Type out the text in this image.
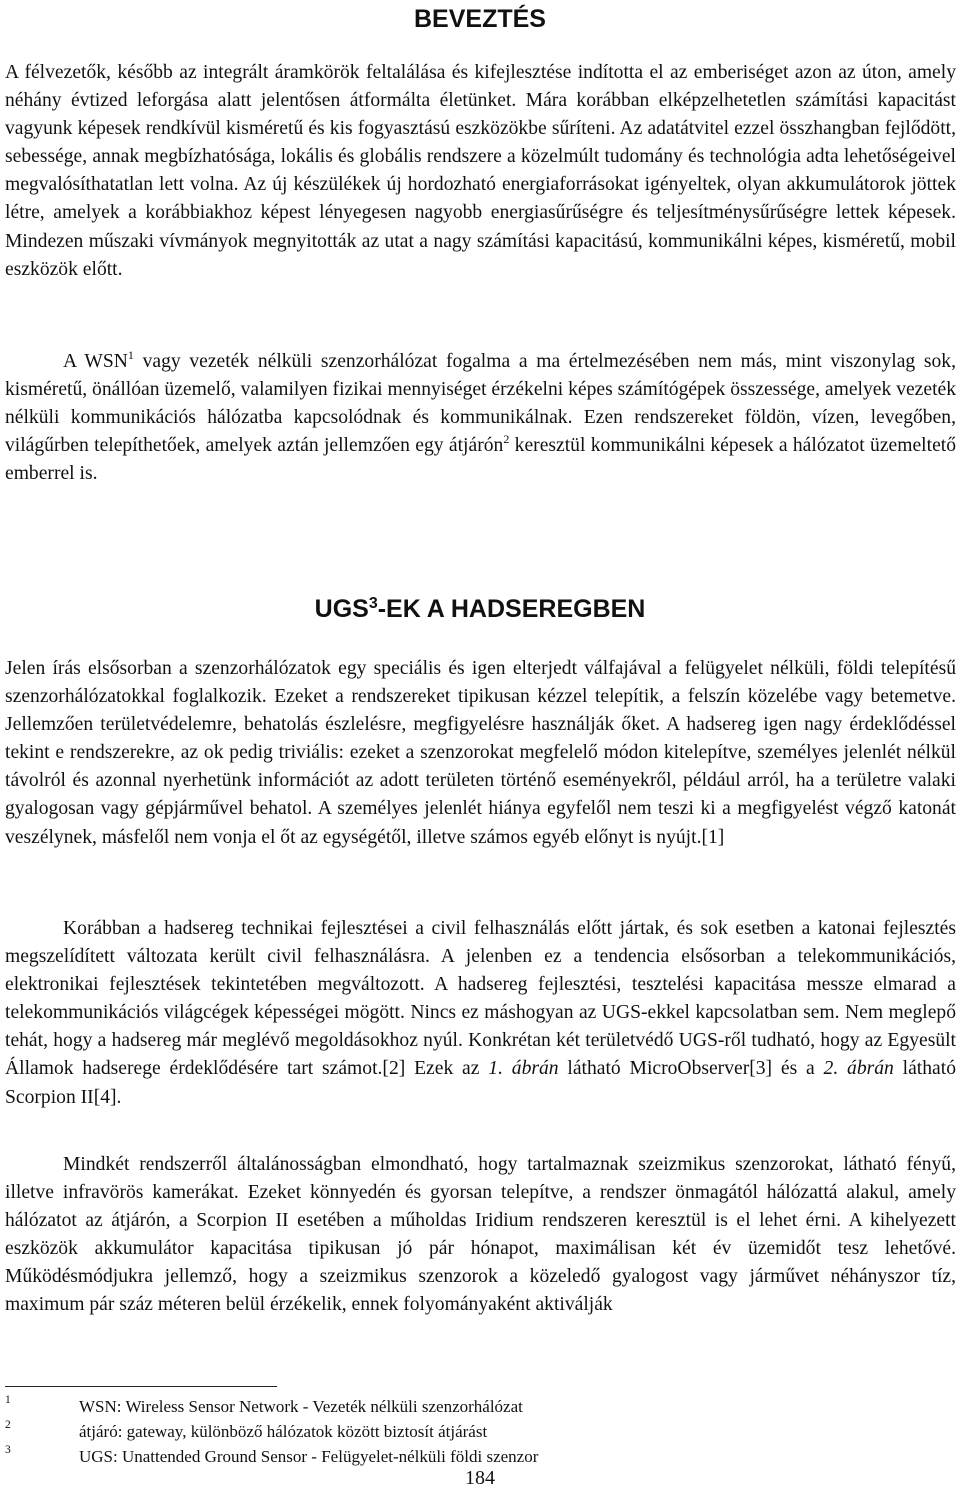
BEVEZTÉS

A félvezetők, később az integrált áramkörök feltalálása és kifejlesztése indította el az emberiséget azon az úton, amely néhány évtized leforgása alatt jelentősen átformálta életünket. Mára korábban elképzelhetetlen számítási kapacitást vagyunk képesek rendkívül kisméretű és kis fogyasztású eszközökbe sűríteni. Az adatátvitel ezzel összhangban fejlődött, sebessége, annak megbízhatósága, lokális és globális rendszere a közelmúlt tudomány és technológia adta lehetőségeivel megvalósíthatatlan lett volna. Az új készülékek új hordozható energiaforrásokat igényeltek, olyan akkumulátorok jöttek létre, amelyek a korábbiakhoz képest lényegesen nagyobb energiasűrűségre és teljesítménysűrűségre lettek képesek. Mindezen műszaki vívmányok megnyitották az utat a nagy számítási kapacitású, kommunikálni képes, kisméretű, mobil eszközök előtt.

A WSN$^1$ vagy vezeték nélküli szenzorhálózat fogalma a ma értelmezésében nem más, mint viszonylag sok, kisméretű, önállóan üzemelő, valamilyen fizikai mennyiséget érzékelni képes számítógépek összessége, amelyek vezeték nélküli kommunikációs hálózatba kapcsolódnak és kommunikálnak. Ezen rendszereket földön, vízen, levegőben, világűrben telepíthetőek, amelyek aztán jellemzően egy átjárón$^2$ keresztül kommunikálni képesek a hálózatot üzemeltető emberrel is.

UGS$^3$-EK A HADSEREGBEN

Jelen írás elsősorban a szenzorhálózatok egy speciális és igen elterjedt válfajával a felügyelet nélküli, földi telepítésű szenzorhálózatokkal foglalkozik. Ezeket a rendszereket tipikusan kézzel telepítik, a felszín közelébe vagy betemetve. Jellemzően területvédelemre, behatolás észlelésre, megfigyelésre használják őket. A hadsereg igen nagy érdeklődéssel tekint e rendszerekre, az ok pedig triviális: ezeket a szenzorokat megfelelő módon kitelepítve, személyes jelenlét nélkül távolról és azonnal nyerhetünk információt az adott területen történő eseményekről, például arról, ha a területre valaki gyalogosan vagy gépjárművel behatol. A személyes jelenlét hiánya egyfelől nem teszi ki a megfigyelést végző katonát veszélynek, másfelől nem vonja el őt az egységétől, illetve számos egyéb előnyt is nyújt.[1]

Korábban a hadsereg technikai fejlesztései a civil felhasználás előtt jártak, és sok esetben a katonai fejlesztés megszelídített változata került civil felhasználásra. A jelenben ez a tendencia elsősorban a telekommunikációs, elektronikai fejlesztések tekintetében megváltozott. A hadsereg fejlesztési, tesztelési kapacitása messze elmarad a telekommunikációs világcégek képességei mögött. Nincs ez máshogyan az UGS-ekkel kapcsolatban sem. Nem meglepő tehát, hogy a hadsereg már meglévő megoldásokhoz nyúl. Konkrétan két területvédő UGS-ről tudható, hogy az Egyesült Államok hadserege érdeklődésére tart számot.[2] Ezek az 1. ábrán látható MicroObserver[3] és a 2. ábrán látható Scorpion II[4].

Mindkét rendszerről általánosságban elmondható, hogy tartalmaznak szeizmikus szenzorokat, látható fényű, illetve infravörös kamerákat. Ezeket könnyedén és gyorsan telepítve, a rendszer önmagától hálózattá alakul, amely hálózatot az átjárón, a Scorpion II esetében a műholdas Iridium rendszeren keresztül is el lehet érni. A kihelyezett eszközök akkumulátor kapacitása tipikusan jó pár hónapot, maximálisan két év üzemidőt tesz lehetővé. Működésmódjukra jellemző, hogy a szeizmikus szenzorok a közeledő gyalogost vagy járművet néhányszor tíz, maximum pár száz méteren belül érzékelik, ennek folyományaként aktiválják

1	WSN: Wireless Sensor Network - Vezeték nélküli szenzorhálózat
2	átjáró: gateway, különböző hálózatok között biztosít átjárást
3	UGS: Unattended Ground Sensor - Felügyelet-nélküli földi szenzor
184
